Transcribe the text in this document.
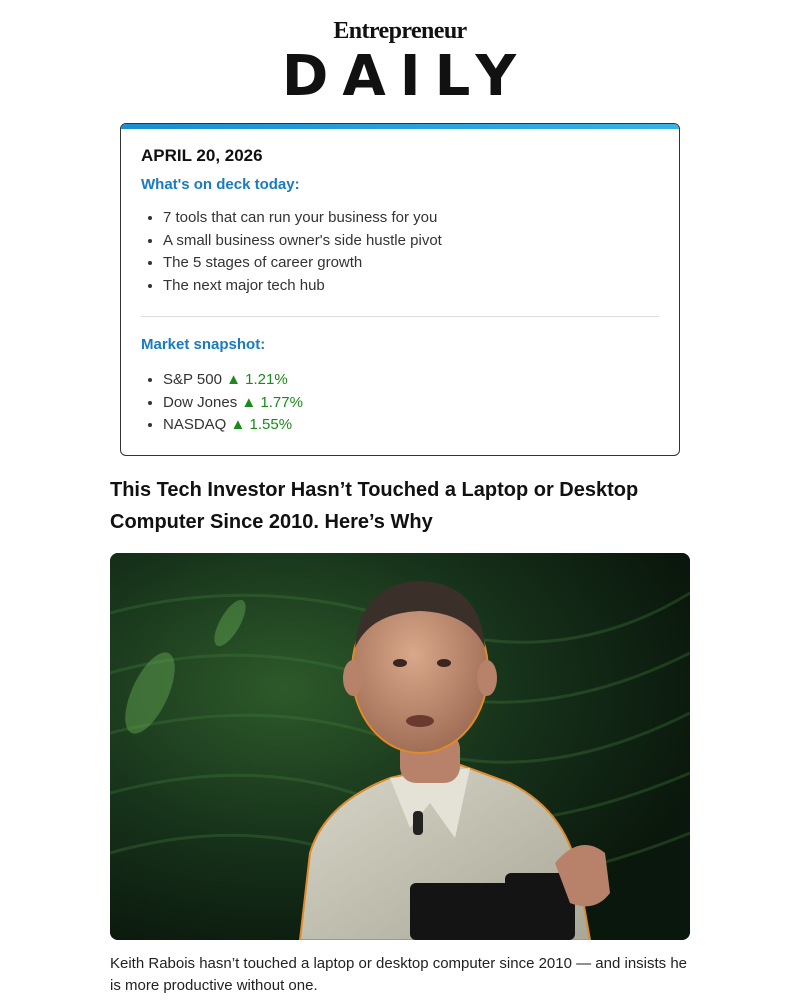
Entrepreneur
DAILY

APRIL 20, 2026

What's on deck today:

• 7 tools that can run your business for you
• A small business owner's side hustle pivot
• The 5 stages of career growth
• The next major tech hub

Market snapshot:

• S&P 500 ▲ 1.21%
• Dow Jones ▲ 1.77%
• NASDAQ ▲ 1.55%
This Tech Investor Hasn’t Touched a Laptop or Desktop Computer Since 2010. Here’s Why

Keith Rabois hasn’t touched a laptop or desktop computer since 2010 — and insists he is more productive without one.
